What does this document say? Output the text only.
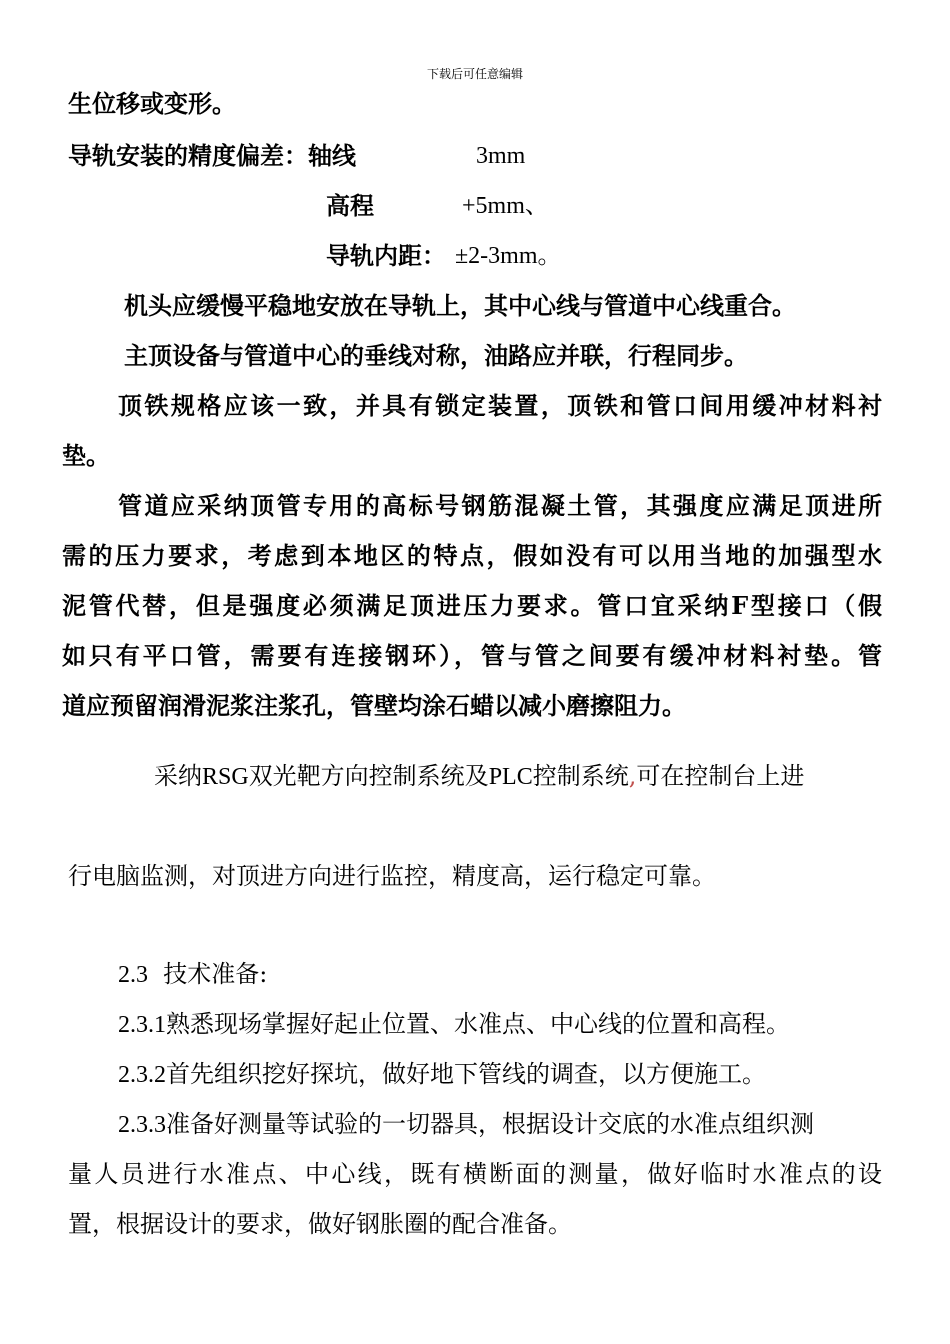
下载后可任意编辑
生位移或变形。
导轨安装的精度偏差：轴线	3mm
高程	+5mm、
导轨内距： ±2-3mm。
机头应缓慢平稳地安放在导轨上，其中心线与管道中心线重合。
主顶设备与管道中心的垂线对称，油路应并联，行程同步。
顶铁规格应该一致，并具有锁定装置，顶铁和管口间用缓冲材料衬
垫。
管道应采纳顶管专用的高标号钢筋混凝土管，其强度应满足顶进所
需的压力要求，考虑到本地区的特点，假如没有可以用当地的加强型水
泥管代替，但是强度必须满足顶进压力要求。管口宜采纳F型接口（假
如只有平口管，需要有连接钢环），管与管之间要有缓冲材料衬垫。管
道应预留润滑泥浆注浆孔，管壁均涂石蜡以减小磨擦阻力。
采纳RSG双光靶方向控制系统及PLC控制系统,可在控制台上进
行电脑监测，对顶进方向进行监控，精度高，运行稳定可靠。
2.3 技术准备:
2.3.1熟悉现场掌握好起止位置、水准点、中心线的位置和高程。
2.3.2首先组织挖好探坑，做好地下管线的调查，以方便施工。
2.3.3准备好测量等试验的一切器具，根据设计交底的水准点组织测
量人员进行水准点、中心线，既有横断面的测量，做好临时水准点的设
置，根据设计的要求，做好钢胀圈的配合准备。
